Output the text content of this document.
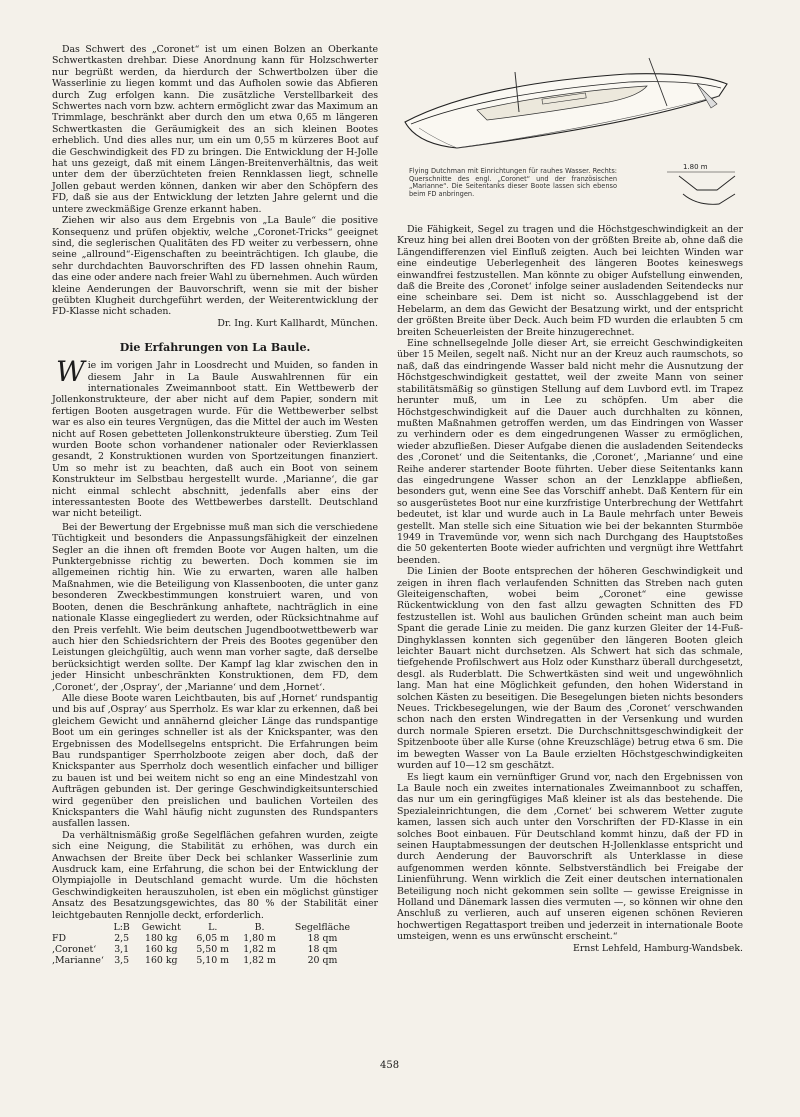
Das Schwert des „Coronet“ ist um einen Bolzen an Oberkante Schwertkasten drehbar. Diese Anordnung kann für Holzschwerter nur begrüßt werden, da hierdurch der Schwertbolzen über die Wasserlinie zu liegen kommt und das Aufholen sowie das Abfieren durch Zug erfolgen kann. Die zusätzliche Verstellbarkeit des Schwertes nach vorn bzw. achtern ermöglicht zwar das Maximum an Trimmlage, beschränkt aber durch den um etwa 0,65 m längeren Schwertkasten die Geräumigkeit des an sich kleinen Bootes erheblich. Und dies alles nur, um ein um 0,55 m kürzeres Boot auf die Geschwindigkeit des FD zu bringen. Die Entwicklung der H-Jolle hat uns gezeigt, daß mit einem Längen-Breitenverhältnis, das weit unter dem der überzüchteten freien Rennklassen liegt, schnelle Jollen gebaut werden können, danken wir aber den Schöpfern des FD, daß sie aus der Entwicklung der letzten Jahre gelernt und die untere zweckmäßige Grenze erkannt haben.

Ziehen wir also aus dem Ergebnis von „La Baule“ die positive Konsequenz und prüfen objektiv, welche „Coronet-Tricks“ geeignet sind, die seglerischen Qualitäten des FD weiter zu verbessern, ohne seine „allround“-Eigenschaften zu beeinträchtigen. Ich glaube, die sehr durchdachten Bauvorschriften des FD lassen ohnehin Raum, das eine oder andere nach freier Wahl zu übernehmen. Auch würden kleine Aenderungen der Bauvorschrift, wenn sie mit der bisher geübten Klugheit durchgeführt werden, der Weiterentwicklung der FD-Klasse nicht schaden.

Dr. Ing. Kurt Kallhardt, München.
Die Erfahrungen von La Baule.

Wie im vorigen Jahr in Loosdrecht und Muiden, so fanden in diesem Jahr in La Baule Auswahlrennen für ein internationales Zweimannboot statt. Ein Wettbewerb der Jollenkonstrukteure, der aber nicht auf dem Papier, sondern mit fertigen Booten ausgetragen wurde. Für die Wettbewerber selbst war es also ein teures Vergnügen, das die Mittel der auch im Westen nicht auf Rosen gebetteten Jollenkonstrukteure überstieg. Zum Teil wurden Boote schon vorhandener nationaler oder Revierklassen gesandt, 2 Konstruktionen wurden von Sportzeitungen finanziert. Um so mehr ist zu beachten, daß auch ein Boot von seinem Konstrukteur im Selbstbau hergestellt wurde. ‚Marianne‘, die gar nicht einmal schlecht abschnitt, jedenfalls aber eins der interessantesten Boote des Wettbewerbes darstellt. Deutschland war nicht beteiligt.

Bei der Bewertung der Ergebnisse muß man sich die verschiedene Tüchtigkeit und besonders die Anpassungsfähigkeit der einzelnen Segler an die ihnen oft fremden Boote vor Augen halten, um die Punktergebnisse richtig zu bewerten. Doch kommen sie im allgemeinen richtig hin. Wie zu erwarten, waren alle halben Maßnahmen, wie die Beteiligung von Klassenbooten, die unter ganz besonderen Zweckbestimmungen konstruiert waren, und von Booten, denen die Beschränkung anhaftete, nachträglich in eine nationale Klasse eingegliedert zu werden, oder Rücksichtnahme auf den Preis verfehlt. Wie beim deutschen Jugendbootwettbewerb war auch hier den Schiedsrichtern der Preis des Bootes gegenüber den Leistungen gleichgültig, auch wenn man vorher sagte, daß derselbe berücksichtigt werden sollte. Der Kampf lag klar zwischen den in jeder Hinsicht unbeschränkten Konstruktionen, dem FD, dem ‚Coronet‘, der ‚Ospray‘, der ‚Marianne‘ und dem ‚Hornet‘.

Alle diese Boote waren Leichtbauten, bis auf ‚Hornet‘ rundspantig und bis auf ‚Ospray‘ aus Sperrholz. Es war klar zu erkennen, daß bei gleichem Gewicht und annähernd gleicher Länge das rundspantige Boot um ein geringes schneller ist als der Knickspanter, was den Ergebnissen des Modellsegelns entspricht. Die Erfahrungen beim Bau rundspantiger Sperrholzboote zeigen aber doch, daß der Knickspanter aus Sperrholz doch wesentlich einfacher und billiger zu bauen ist und bei weitem nicht so eng an eine Mindestzahl von Aufträgen gebunden ist. Der geringe Geschwindigkeitsunterschied wird gegenüber den preislichen und baulichen Vorteilen des Knickspanters die Wahl häufig nicht zugunsten des Rundspanters ausfallen lassen.

Da verhältnismäßig große Segelflächen gefahren wurden, zeigte sich eine Neigung, die Stabilität zu erhöhen, was durch ein Anwachsen der Breite über Deck bei schlanker Wasserlinie zum Ausdruck kam, eine Erfahrung, die schon bei der Entwicklung der Olympiajolle in Deutschland gemacht wurde. Um die höchsten Geschwindigkeiten herauszuholen, ist eben ein möglichst günstiger Ansatz des Besatzungsgewichtes, das 80 % der Stabilität einer leichtgebauten Rennjolle deckt, erforderlich.

	L:B	Gewicht	L.	B.	Segelfläche
FD	2,5	180 kg	6,05 m	1,80 m	18 qm
‚Coronet‘	3,1	160 kg	5,50 m	1,82 m	18 qm
‚Marianne‘	3,5	160 kg	5,10 m	1,82 m	20 qm
1.80 m
Flying Dutchman mit Einrichtungen für rauhes Wasser. Rechts: Querschnitte des engl. „Coronet“ und der französischen „Marianne“. Die Seitentanks dieser Boote lassen sich ebenso beim FD anbringen.

Die Fähigkeit, Segel zu tragen und die Höchstgeschwindigkeit an der Kreuz hing bei allen drei Booten von der größten Breite ab, ohne daß die Längendifferenzen viel Einfluß zeigten. Auch bei leichten Winden war eine eindeutige Ueberlegenheit des längeren Bootes keineswegs einwandfrei festzustellen. Man könnte zu obiger Aufstellung einwenden, daß die Breite des ‚Coronet‘ infolge seiner ausladenden Seitendecks nur eine scheinbare sei. Dem ist nicht so. Ausschlaggebend ist der Hebelarm, an dem das Gewicht der Besatzung wirkt, und der entspricht der größten Breite über Deck. Auch beim FD wurden die erlaubten 5 cm breiten Scheuerleisten der Breite hinzugerechnet.

Eine schnellsegelnde Jolle dieser Art, sie erreicht Geschwindigkeiten über 15 Meilen, segelt naß. Nicht nur an der Kreuz auch raumschots, so naß, daß das eindringende Wasser bald nicht mehr die Ausnutzung der Höchstgeschwindigkeit gestattet, weil der zweite Mann von seiner stabilitätsmäßig so günstigen Stellung auf dem Luvbord evtl. im Trapez herunter muß, um in Lee zu schöpfen. Um aber die Höchstgeschwindigkeit auf die Dauer auch durchhalten zu können, mußten Maßnahmen getroffen werden, um das Eindringen von Wasser zu verhindern oder es dem eingedrungenen Wasser zu ermöglichen, wieder abzufließen. Dieser Aufgabe dienen die ausladenden Seitendecks des ‚Coronet‘ und die Seitentanks, die ‚Coronet‘, ‚Marianne‘ und eine Reihe anderer startender Boote führten. Ueber diese Seitentanks kann das eingedrungene Wasser schon an der Lenzklappe abfließen, besonders gut, wenn eine See das Vorschiff anhebt. Daß Kentern für ein so ausgerüstetes Boot nur eine kurzfristige Unterbrechung der Wettfahrt bedeutet, ist klar und wurde auch in La Baule mehrfach unter Beweis gestellt. Man stelle sich eine Situation wie bei der bekannten Sturmböe 1949 in Travemünde vor, wenn sich nach Durchgang des Hauptstoßes die 50 gekenterten Boote wieder aufrichten und vergnügt ihre Wettfahrt beenden.

Die Linien der Boote entsprechen der höheren Geschwindigkeit und zeigen in ihren flach verlaufenden Schnitten das Streben nach guten Gleiteigenschaften, wobei beim „Coronet“ eine gewisse Rückentwicklung von den fast allzu gewagten Schnitten des FD festzustellen ist. Wohl aus baulichen Gründen scheint man auch beim Spant die gerade Linie zu meiden. Die ganz kurzen Gleiter der 14-Fuß-Dinghyklassen konnten sich gegenüber den längeren Booten gleich leichter Bauart nicht durchsetzen. Als Schwert hat sich das schmale, tiefgehende Profilschwert aus Holz oder Kunstharz überall durchgesetzt, desgl. als Ruderblatt. Die Schwertkästen sind weit und ungewöhnlich lang. Man hat eine Möglichkeit gefunden, den hohen Widerstand in solchen Kästen zu beseitigen. Die Besegelungen bieten nichts besonders Neues. Trickbesegelungen, wie der Baum des ‚Coronet‘ verschwanden schon nach den ersten Windregatten in der Versenkung und wurden durch normale Spieren ersetzt. Die Durchschnittsgeschwindigkeit der Spitzenboote über alle Kurse (ohne Kreuzschläge) betrug etwa 6 sm. Die im bewegten Wasser von La Baule erzielten Höchstgeschwindigkeiten wurden auf 10—12 sm geschätzt.

Es liegt kaum ein vernünftiger Grund vor, nach den Ergebnissen von La Baule noch ein zweites internationales Zweimannboot zu schaffen, das nur um ein geringfügiges Maß kleiner ist als das bestehende. Die Spezialeinrichtungen, die dem ‚Cornet‘ bei schwerem Wetter zugute kamen, lassen sich auch unter den Vorschriften der FD-Klasse in ein solches Boot einbauen. Für Deutschland kommt hinzu, daß der FD in seinen Hauptabmessungen der deutschen H-Jollenklasse entspricht und durch Aenderung der Bauvorschrift als Unterklasse in diese aufgenommen werden könnte. Selbstverständlich bei Freigabe der Linienführung. Wenn wirklich die Zeit einer deutschen internationalen Beteiligung noch nicht gekommen sein sollte — gewisse Ereignisse in Holland und Dänemark lassen dies vermuten —, so können wir ohne den Anschluß zu verlieren, auch auf unseren eigenen schönen Revieren hochwertigen Regattasport treiben und jederzeit in internationale Boote umsteigen, wenn es uns erwünscht erscheint.“

Ernst Lehfeld, Hamburg-Wandsbek.
458
